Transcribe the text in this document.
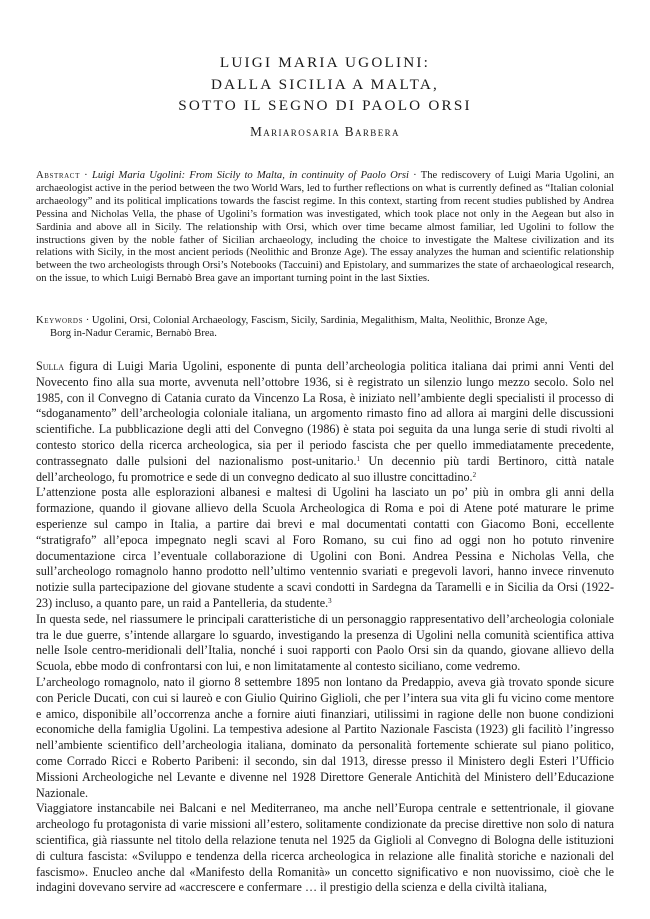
LUIGI MARIA UGOLINI:
DALLA SICILIA A MALTA,
SOTTO IL SEGNO DI PAOLO ORSI
Mariarosaria Barbera
Abstract · Luigi Maria Ugolini: From Sicily to Malta, in continuity of Paolo Orsi · The rediscovery of Luigi Maria Ugolini, an archaeologist active in the period between the two World Wars, led to further reflections on what is currently defined as “Italian colonial archaeology” and its political implications towards the fascist regime. In this context, starting from recent studies published by Andrea Pessina and Nicholas Vella, the phase of Ugolini’s formation was investigated, which took place not only in the Aegean but also in Sardinia and above all in Sicily. The relationship with Orsi, which over time became almost familiar, led Ugolini to follow the instructions given by the noble father of Sicilian archaeology, including the choice to investigate the Maltese civilization and its relations with Sicily, in the most ancient periods (Neolithic and Bronze Age). The essay analyzes the human and scientific relationship between the two archeologists through Orsi’s Notebooks (Taccuini) and Epistolary, and summarizes the state of archaeological research, on the issue, to which Luigi Bernabò Brea gave an important turning point in the last Sixties.
Keywords · Ugolini, Orsi, Colonial Archaeology, Fascism, Sicily, Sardinia, Megalithism, Malta, Neolithic, Bronze Age,
Borg in-Nadur Ceramic, Bernabò Brea.

Sulla figura di Luigi Maria Ugolini, esponente di punta dell’archeologia politica italiana dai primi anni Venti del Novecento fino alla sua morte, avvenuta nell’ottobre 1936, si è registrato un silenzio lungo mezzo secolo. Solo nel 1985, con il Convegno di Catania curato da Vincenzo La Rosa, è iniziato nell’ambiente degli specialisti il processo di “sdoganamento” dell’archeologia coloniale italiana, un argomento rimasto fino ad allora ai margini delle discussioni scientifiche. La pubblicazione degli atti del Convegno (1986) è stata poi seguita da una lunga serie di studi rivolti al contesto storico della ricerca archeologica, sia per il periodo fascista che per quello immediatamente precedente, contrassegnato dalle pulsioni del nazionalismo post-unitario.$^1$ Un decennio più tardi Bertinoro, città natale dell’archeologo, fu promotrice e sede di un convegno dedicato al suo illustre concittadino.$^2$

L’attenzione posta alle esplorazioni albanesi e maltesi di Ugolini ha lasciato un po’ più in ombra gli anni della formazione, quando il giovane allievo della Scuola Archeologica di Roma e poi di Atene poté maturare le prime esperienze sul campo in Italia, a partire dai brevi e mal documentati contatti con Giacomo Boni, eccellente “stratigrafo” all’epoca impegnato negli scavi al Foro Romano, su cui fino ad oggi non ho potuto rinvenire documentazione circa l’eventuale collaborazione di Ugolini con Boni. Andrea Pessina e Nicholas Vella, che sull’archeologo romagnolo hanno prodotto nell’ultimo ventennio svariati e pregevoli lavori, hanno invece rinvenuto notizie sulla partecipazione del giovane studente a scavi condotti in Sardegna da Taramelli e in Sicilia da Orsi (1922-23) incluso, a quanto pare, un raid a Pantelleria, da studente.$^3$

In questa sede, nel riassumere le principali caratteristiche di un personaggio rappresentativo dell’archeologia coloniale tra le due guerre, s’intende allargare lo sguardo, investigando la presenza di Ugolini nella comunità scientifica attiva nelle Isole centro-meridionali dell’Italia, nonché i suoi rapporti con Paolo Orsi sin da quando, giovane allievo della Scuola, ebbe modo di confrontarsi con lui, e non limitatamente al contesto siciliano, come vedremo.

L’archeologo romagnolo, nato il giorno 8 settembre 1895 non lontano da Predappio, aveva già trovato sponde sicure con Pericle Ducati, con cui si laureò e con Giulio Quirino Giglioli, che per l’intera sua vita gli fu vicino come mentore e amico, disponibile all’occorrenza anche a fornire aiuti finanziari, utilissimi in ragione delle non buone condizioni economiche della famiglia Ugolini. La tempestiva adesione al Partito Nazionale Fascista (1923) gli facilitò l’ingresso nell’ambiente scientifico dell’archeologia italiana, dominato da personalità fortemente schierate sul piano politico, come Corrado Ricci e Roberto Paribeni: il secondo, sin dal 1913, diresse presso il Ministero degli Esteri l’Ufficio Missioni Archeologiche nel Levante e divenne nel 1928 Direttore Generale Antichità del Ministero dell’Educazione Nazionale.

Viaggiatore instancabile nei Balcani e nel Mediterraneo, ma anche nell’Europa centrale e settentrionale, il giovane archeologo fu protagonista di varie missioni all’estero, solitamente condizionate da precise direttive non solo di natura scientifica, già riassunte nel titolo della relazione tenuta nel 1925 da Giglioli al Convegno di Bologna delle istituzioni di cultura fascista: «Sviluppo e tendenza della ricerca archeologica in relazione alle finalità storiche e nazionali del fascismo». Enucleo anche dal «Manifesto della Romanità» un concetto significativo e non nuovissimo, cioè che le indagini dovevano servire ad «accrescere e confermare … il prestigio della scienza e della civiltà italiana,
